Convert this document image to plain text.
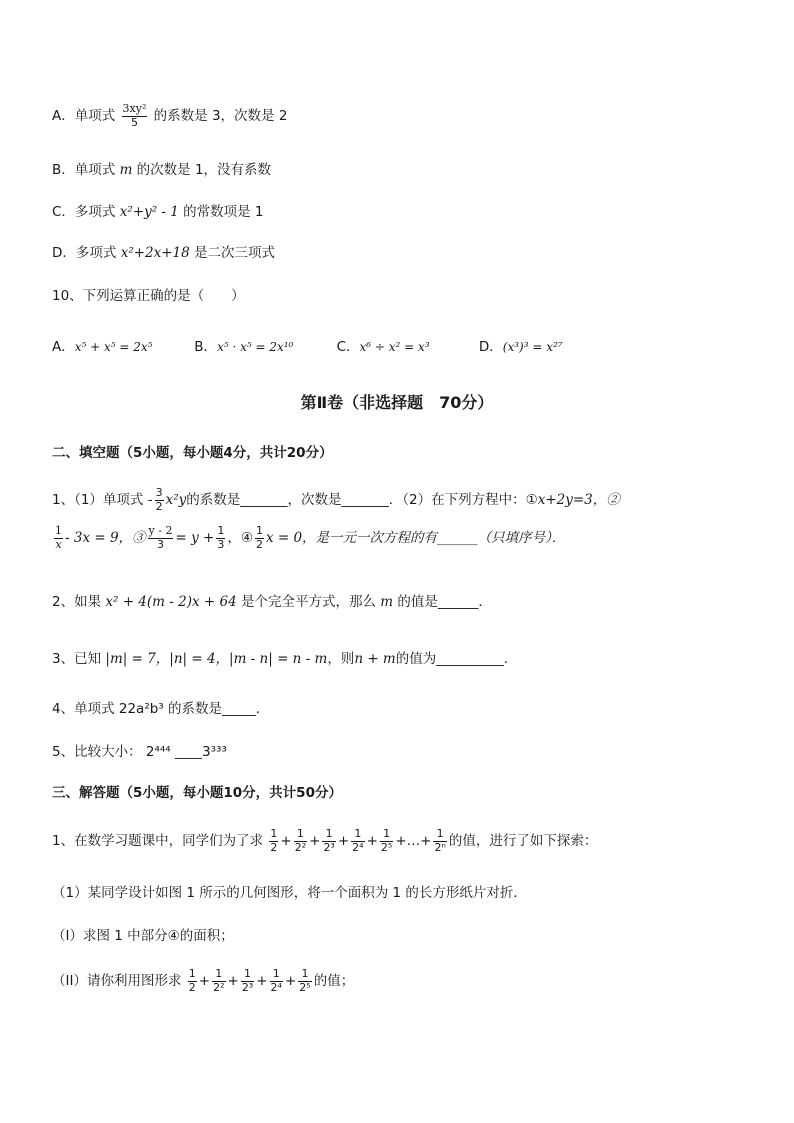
A．单项式 $\frac{\text{3xy²}}{5}$ 的系数是 3，次数是 2
B．单项式 m 的次数是 1，没有系数
C．多项式 x²+y² - 1 的常数项是 1
D．多项式 x²+2x+18 是二次三项式
10、下列运算正确的是（　　）
A．x⁵ + x⁵ = 2x⁵	B．x⁵ · x⁵ = 2x¹⁰	C．x⁶ ÷ x² = x³	D．(x³)³ = x²⁷
第Ⅱ卷（非选择题　70分）
二、填空题（5小题，每小题4分，共计20分）
1、（1）单项式 - $\frac{3}{2} x^2y$的系数是_______，次数是_______．（2）在下列方程中：①x+2y=3，②
$\frac{1}{x} - 3x = 9$，③ $\frac{y - 2}{3} = y + \frac{1}{3}$ ，④ $\frac{1}{2}$ x = 0，是一元一次方程的有______（只填序号）．
2、如果 x² + 4(m - 2)x + 64 是个完全平方式，那么 m 的值是______．
3、已知 |m| = 7，|n| = 4，|m - n| = n - m，则n + m的值为__________．
4、单项式 22a²b³ 的系数是_____．
5、比较大小： 2⁴⁴⁴ ____3³³³
三、解答题（5小题，每小题10分，共计50分）
1、在数学习题课中，同学们为了求 $\frac{1}{2} + \frac{1}{\text{2²}} + \frac{1}{\text{2³}} + \frac{1}{\text{2⁴}} + \frac{1}{\text{2⁵}}$ +…+ $\frac{1}{\text{2ⁿ}}$ 的值，进行了如下探索：
（1）某同学设计如图 1 所示的几何图形，将一个面积为 1 的长方形纸片对折．
（I）求图 1 中部分④的面积；
（II）请你利用图形求 $\frac{1}{2} + \frac{1}{\text{2²}} + \frac{1}{\text{2³}} + \frac{1}{\text{2⁴}} + \frac{1}{\text{2⁵}}$ 的值；
